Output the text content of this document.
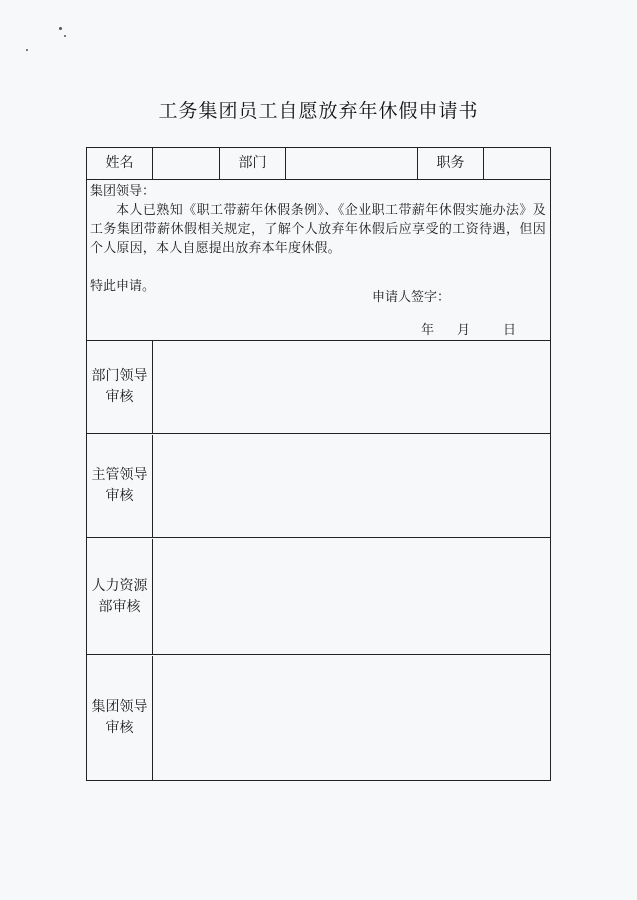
工务集团员工自愿放弃年休假申请书
姓名	部门	职务
集团领导：
本人已熟知《职工带薪年休假条例》、《企业职工带薪年休假实施办法》及工务集团带薪休假相关规定，了解个人放弃年休假后应享受的工资待遇，但因个人原因，本人自愿提出放弃本年度休假。
特此申请。
申请人签字：
年	月	日
部门领导审核
主管领导审核
人力资源部审核
集团领导审核
